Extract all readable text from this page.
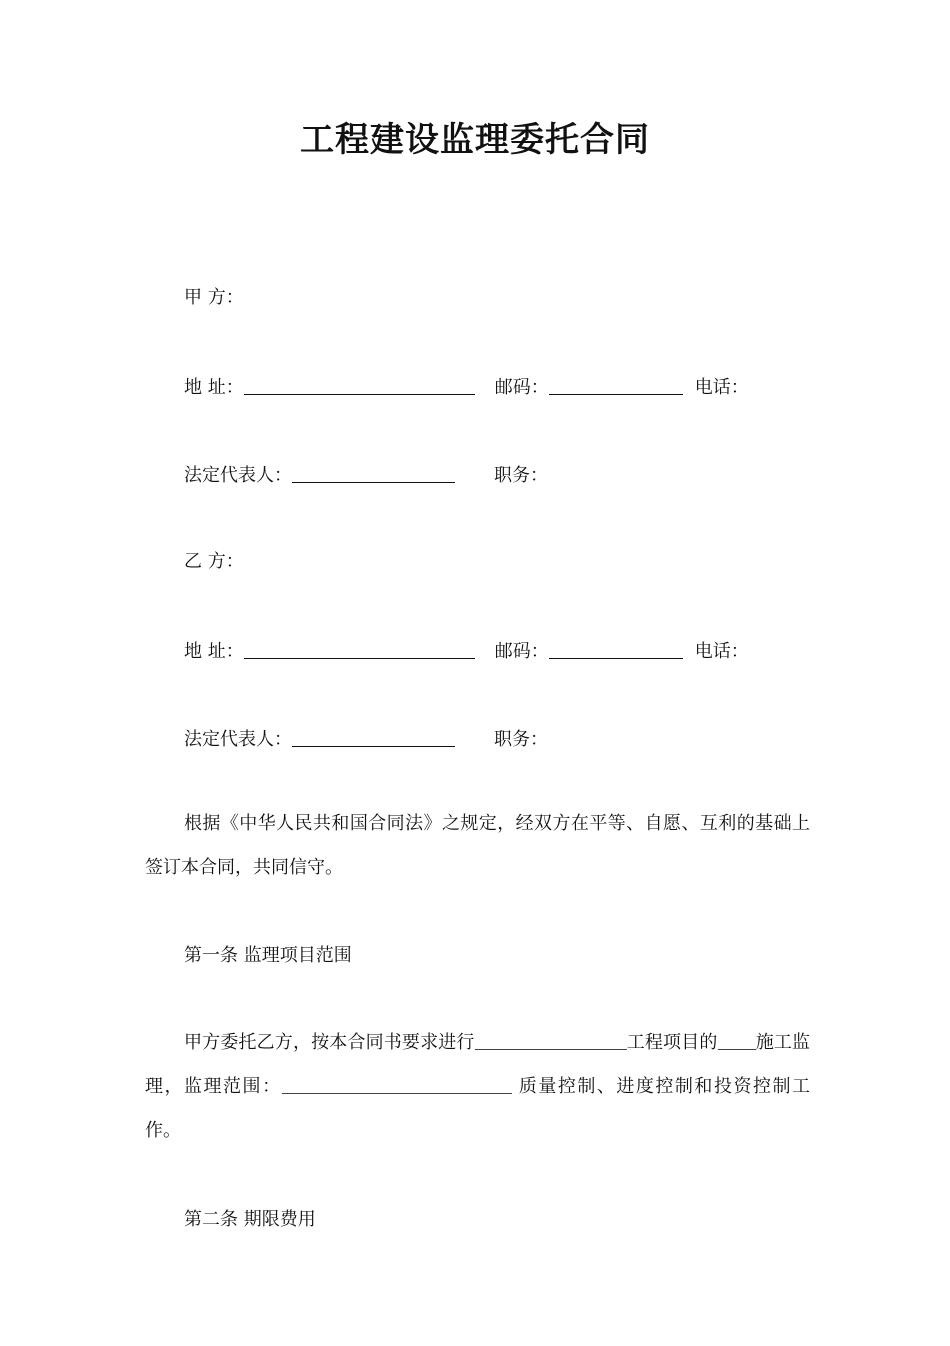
工程建设监理委托合同
甲 方：
地 址：	邮码：	电话：
法定代表人：	职务：
乙 方：
地 址：	邮码：	电话：
法定代表人：	职务：
根据《中华人民共和国合同法》之规定，经双方在平等、自愿、互利的基础上签订本合同，共同信守。
第一条 监理项目范围
甲方委托乙方，按本合同书要求进行	工程项目的 施工监理，监理范围：	质量控制、进度控制和投资控制工作。
第二条 期限费用
